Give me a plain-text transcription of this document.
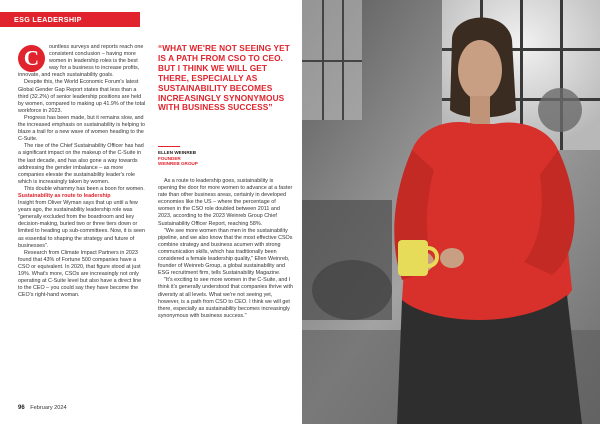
ESG LEADERSHIP
C	ountless surveys and reports reach one consistent conclusion – having more women in leadership roles is the best way for a business to increase profits, innovate, and reach sustainability goals.

Despite this, the World Economic Forum's latest Global Gender Gap Report states that less than a third (32.2%) of senior leadership positions are held by women, compared to making up 41.9% of the total workforce in 2023.

Progress has been made, but it remains slow, and the increased emphasis on sustainability is helping to blaze a trail for a new wave of women heading to the C-Suite.

The rise of the Chief Sustainability Officer has had a significant impact on the makeup of the C-Suite in the last decade, and has also gone a way towards addressing the gender imbalance – as more companies elevate the sustainability leader's role which is increasingly taken by women.

This double whammy has been a boon for women.

Sustainability as route to leadership

Insight from Oliver Wyman says that up until a few years ago, the sustainability leadership role was "generally excluded from the boardroom and key decision-making, buried two or three tiers down or limited to heading up sub-committees. Now, it is seen as essential to shaping the strategy and future of businesses".

Research from Climate Impact Partners in 2023 found that 43% of Fortune 500 companies have a CSO or equivalent. In 2020, that figure stood at just 19%. What's more, CSOs are increasingly not only operating at C-Suite level but also have a direct line to the CEO – you could say they have become the CEO's right-hand woman.

“WHAT WE'RE NOT SEEING YET IS A PATH FROM CSO TO CEO. BUT I THINK WE WILL GET THERE, ESPECIALLY AS SUSTAINABILITY BECOMES INCREASINGLY SYNONYMOUS WITH BUSINESS SUCCESS”
ELLEN WEINREB
FOUNDER
WEINREB GROUP

As a route to leadership goes, sustainability is opening the door for more women to advance at a faster rate than other business areas, certainly in developed economies like the US – where the percentage of women in the CSO role doubled between 2011 and 2023, according to the 2023 Weinreb Group Chief Sustainability Officer Report, reaching 58%.

"We see more women than men in the sustainability pipeline, and we also know that the most effective CSOs combine strategy and business acumen with strong communication skills, which has traditionally been considered a female leadership quality," Ellen Weinreb, founder of Weinreb Group, a global sustainability and ESG recruitment firm, tells Sustainability Magazine.

"It's exciting to see more women in the C-Suite, and I think it's generally understood that companies thrive with diversity at all levels. What we're not seeing yet, however, is a path from CSO to CEO. I think we will get there, especially as sustainability becomes increasingly synonymous with business success."

96 February 2024
